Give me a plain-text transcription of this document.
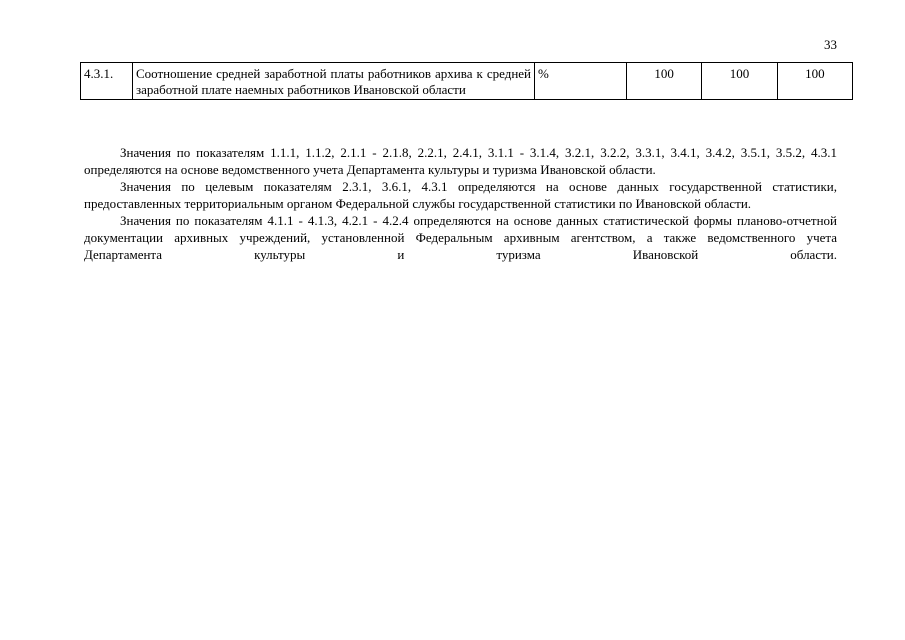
33
4.3.1.	Соотношение средней заработной платы работников архива к средней заработной плате наемных работников Ивановской области	%	100	100	100

Значения по показателям 1.1.1, 1.1.2, 2.1.1 - 2.1.8, 2.2.1, 2.4.1, 3.1.1 - 3.1.4, 3.2.1, 3.2.2, 3.3.1, 3.4.1, 3.4.2, 3.5.1, 3.5.2, 4.3.1 определяются на основе ведомственного учета Департамента культуры и туризма Ивановской области.

Значения по целевым показателям 2.3.1, 3.6.1, 4.3.1 определяются на основе данных государственной статистики, предоставленных территориальным органом Федеральной службы государственной статистики по Ивановской области.

Значения по показателям 4.1.1 - 4.1.3, 4.2.1 - 4.2.4 определяются на основе данных статистической формы планово-отчетной документации архивных учреждений, установленной Федеральным архивным агентством, а также ведомственного учета Департамента культуры и туризма Ивановской области.
